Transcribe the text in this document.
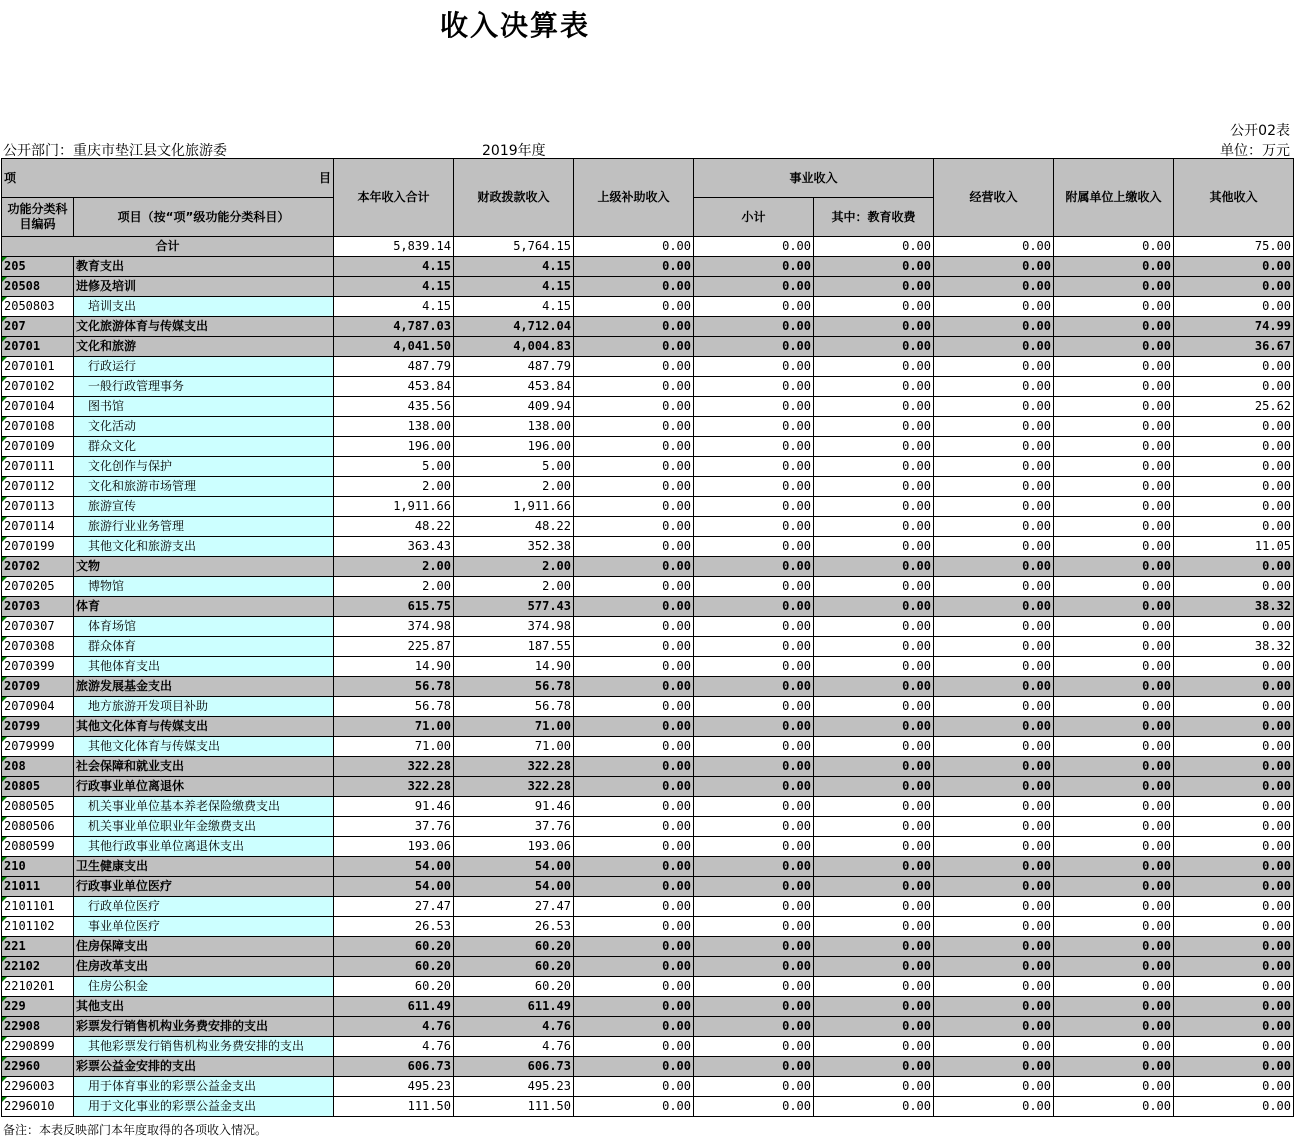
收入决算表
公开02表
公开部门：重庆市垫江县文化旅游委	2019年度	单位：万元
项 目		本年收入合计	财政拨款收入	上级补助收入	事业收入		经营收入	附属单位上缴收入	其他收入
功能分类科目编码	项目（按“项”级功能分类科目）								
					小计	其中：教育收费			
合计		5,839.14	5,764.15	0.00	0.00	0.00	0.00	0.00	75.00
205	教育支出	4.15	4.15	0.00	0.00	0.00	0.00	0.00	0.00
20508	进修及培训	4.15	4.15	0.00	0.00	0.00	0.00	0.00	0.00
2050803	培训支出	4.15	4.15	0.00	0.00	0.00	0.00	0.00	0.00
207	文化旅游体育与传媒支出	4,787.03	4,712.04	0.00	0.00	0.00	0.00	0.00	74.99
20701	文化和旅游	4,041.50	4,004.83	0.00	0.00	0.00	0.00	0.00	36.67
2070101	行政运行	487.79	487.79	0.00	0.00	0.00	0.00	0.00	0.00
2070102	一般行政管理事务	453.84	453.84	0.00	0.00	0.00	0.00	0.00	0.00
2070104	图书馆	435.56	409.94	0.00	0.00	0.00	0.00	0.00	25.62
2070108	文化活动	138.00	138.00	0.00	0.00	0.00	0.00	0.00	0.00
2070109	群众文化	196.00	196.00	0.00	0.00	0.00	0.00	0.00	0.00
2070111	文化创作与保护	5.00	5.00	0.00	0.00	0.00	0.00	0.00	0.00
2070112	文化和旅游市场管理	2.00	2.00	0.00	0.00	0.00	0.00	0.00	0.00
2070113	旅游宣传	1,911.66	1,911.66	0.00	0.00	0.00	0.00	0.00	0.00
2070114	旅游行业业务管理	48.22	48.22	0.00	0.00	0.00	0.00	0.00	0.00
2070199	其他文化和旅游支出	363.43	352.38	0.00	0.00	0.00	0.00	0.00	11.05
20702	文物	2.00	2.00	0.00	0.00	0.00	0.00	0.00	0.00
2070205	博物馆	2.00	2.00	0.00	0.00	0.00	0.00	0.00	0.00
20703	体育	615.75	577.43	0.00	0.00	0.00	0.00	0.00	38.32
2070307	体育场馆	374.98	374.98	0.00	0.00	0.00	0.00	0.00	0.00
2070308	群众体育	225.87	187.55	0.00	0.00	0.00	0.00	0.00	38.32
2070399	其他体育支出	14.90	14.90	0.00	0.00	0.00	0.00	0.00	0.00
20709	旅游发展基金支出	56.78	56.78	0.00	0.00	0.00	0.00	0.00	0.00
2070904	地方旅游开发项目补助	56.78	56.78	0.00	0.00	0.00	0.00	0.00	0.00
20799	其他文化体育与传媒支出	71.00	71.00	0.00	0.00	0.00	0.00	0.00	0.00
2079999	其他文化体育与传媒支出	71.00	71.00	0.00	0.00	0.00	0.00	0.00	0.00
208	社会保障和就业支出	322.28	322.28	0.00	0.00	0.00	0.00	0.00	0.00
20805	行政事业单位离退休	322.28	322.28	0.00	0.00	0.00	0.00	0.00	0.00
2080505	机关事业单位基本养老保险缴费支出	91.46	91.46	0.00	0.00	0.00	0.00	0.00	0.00
2080506	机关事业单位职业年金缴费支出	37.76	37.76	0.00	0.00	0.00	0.00	0.00	0.00
2080599	其他行政事业单位离退休支出	193.06	193.06	0.00	0.00	0.00	0.00	0.00	0.00
210	卫生健康支出	54.00	54.00	0.00	0.00	0.00	0.00	0.00	0.00
21011	行政事业单位医疗	54.00	54.00	0.00	0.00	0.00	0.00	0.00	0.00
2101101	行政单位医疗	27.47	27.47	0.00	0.00	0.00	0.00	0.00	0.00
2101102	事业单位医疗	26.53	26.53	0.00	0.00	0.00	0.00	0.00	0.00
221	住房保障支出	60.20	60.20	0.00	0.00	0.00	0.00	0.00	0.00
22102	住房改革支出	60.20	60.20	0.00	0.00	0.00	0.00	0.00	0.00
2210201	住房公积金	60.20	60.20	0.00	0.00	0.00	0.00	0.00	0.00
229	其他支出	611.49	611.49	0.00	0.00	0.00	0.00	0.00	0.00
22908	彩票发行销售机构业务费安排的支出	4.76	4.76	0.00	0.00	0.00	0.00	0.00	0.00
2290899	其他彩票发行销售机构业务费安排的支出	4.76	4.76	0.00	0.00	0.00	0.00	0.00	0.00
22960	彩票公益金安排的支出	606.73	606.73	0.00	0.00	0.00	0.00	0.00	0.00
2296003	用于体育事业的彩票公益金支出	495.23	495.23	0.00	0.00	0.00	0.00	0.00	0.00
2296010	用于文化事业的彩票公益金支出	111.50	111.50	0.00	0.00	0.00	0.00	0.00	0.00
备注：本表反映部门本年度取得的各项收入情况。
